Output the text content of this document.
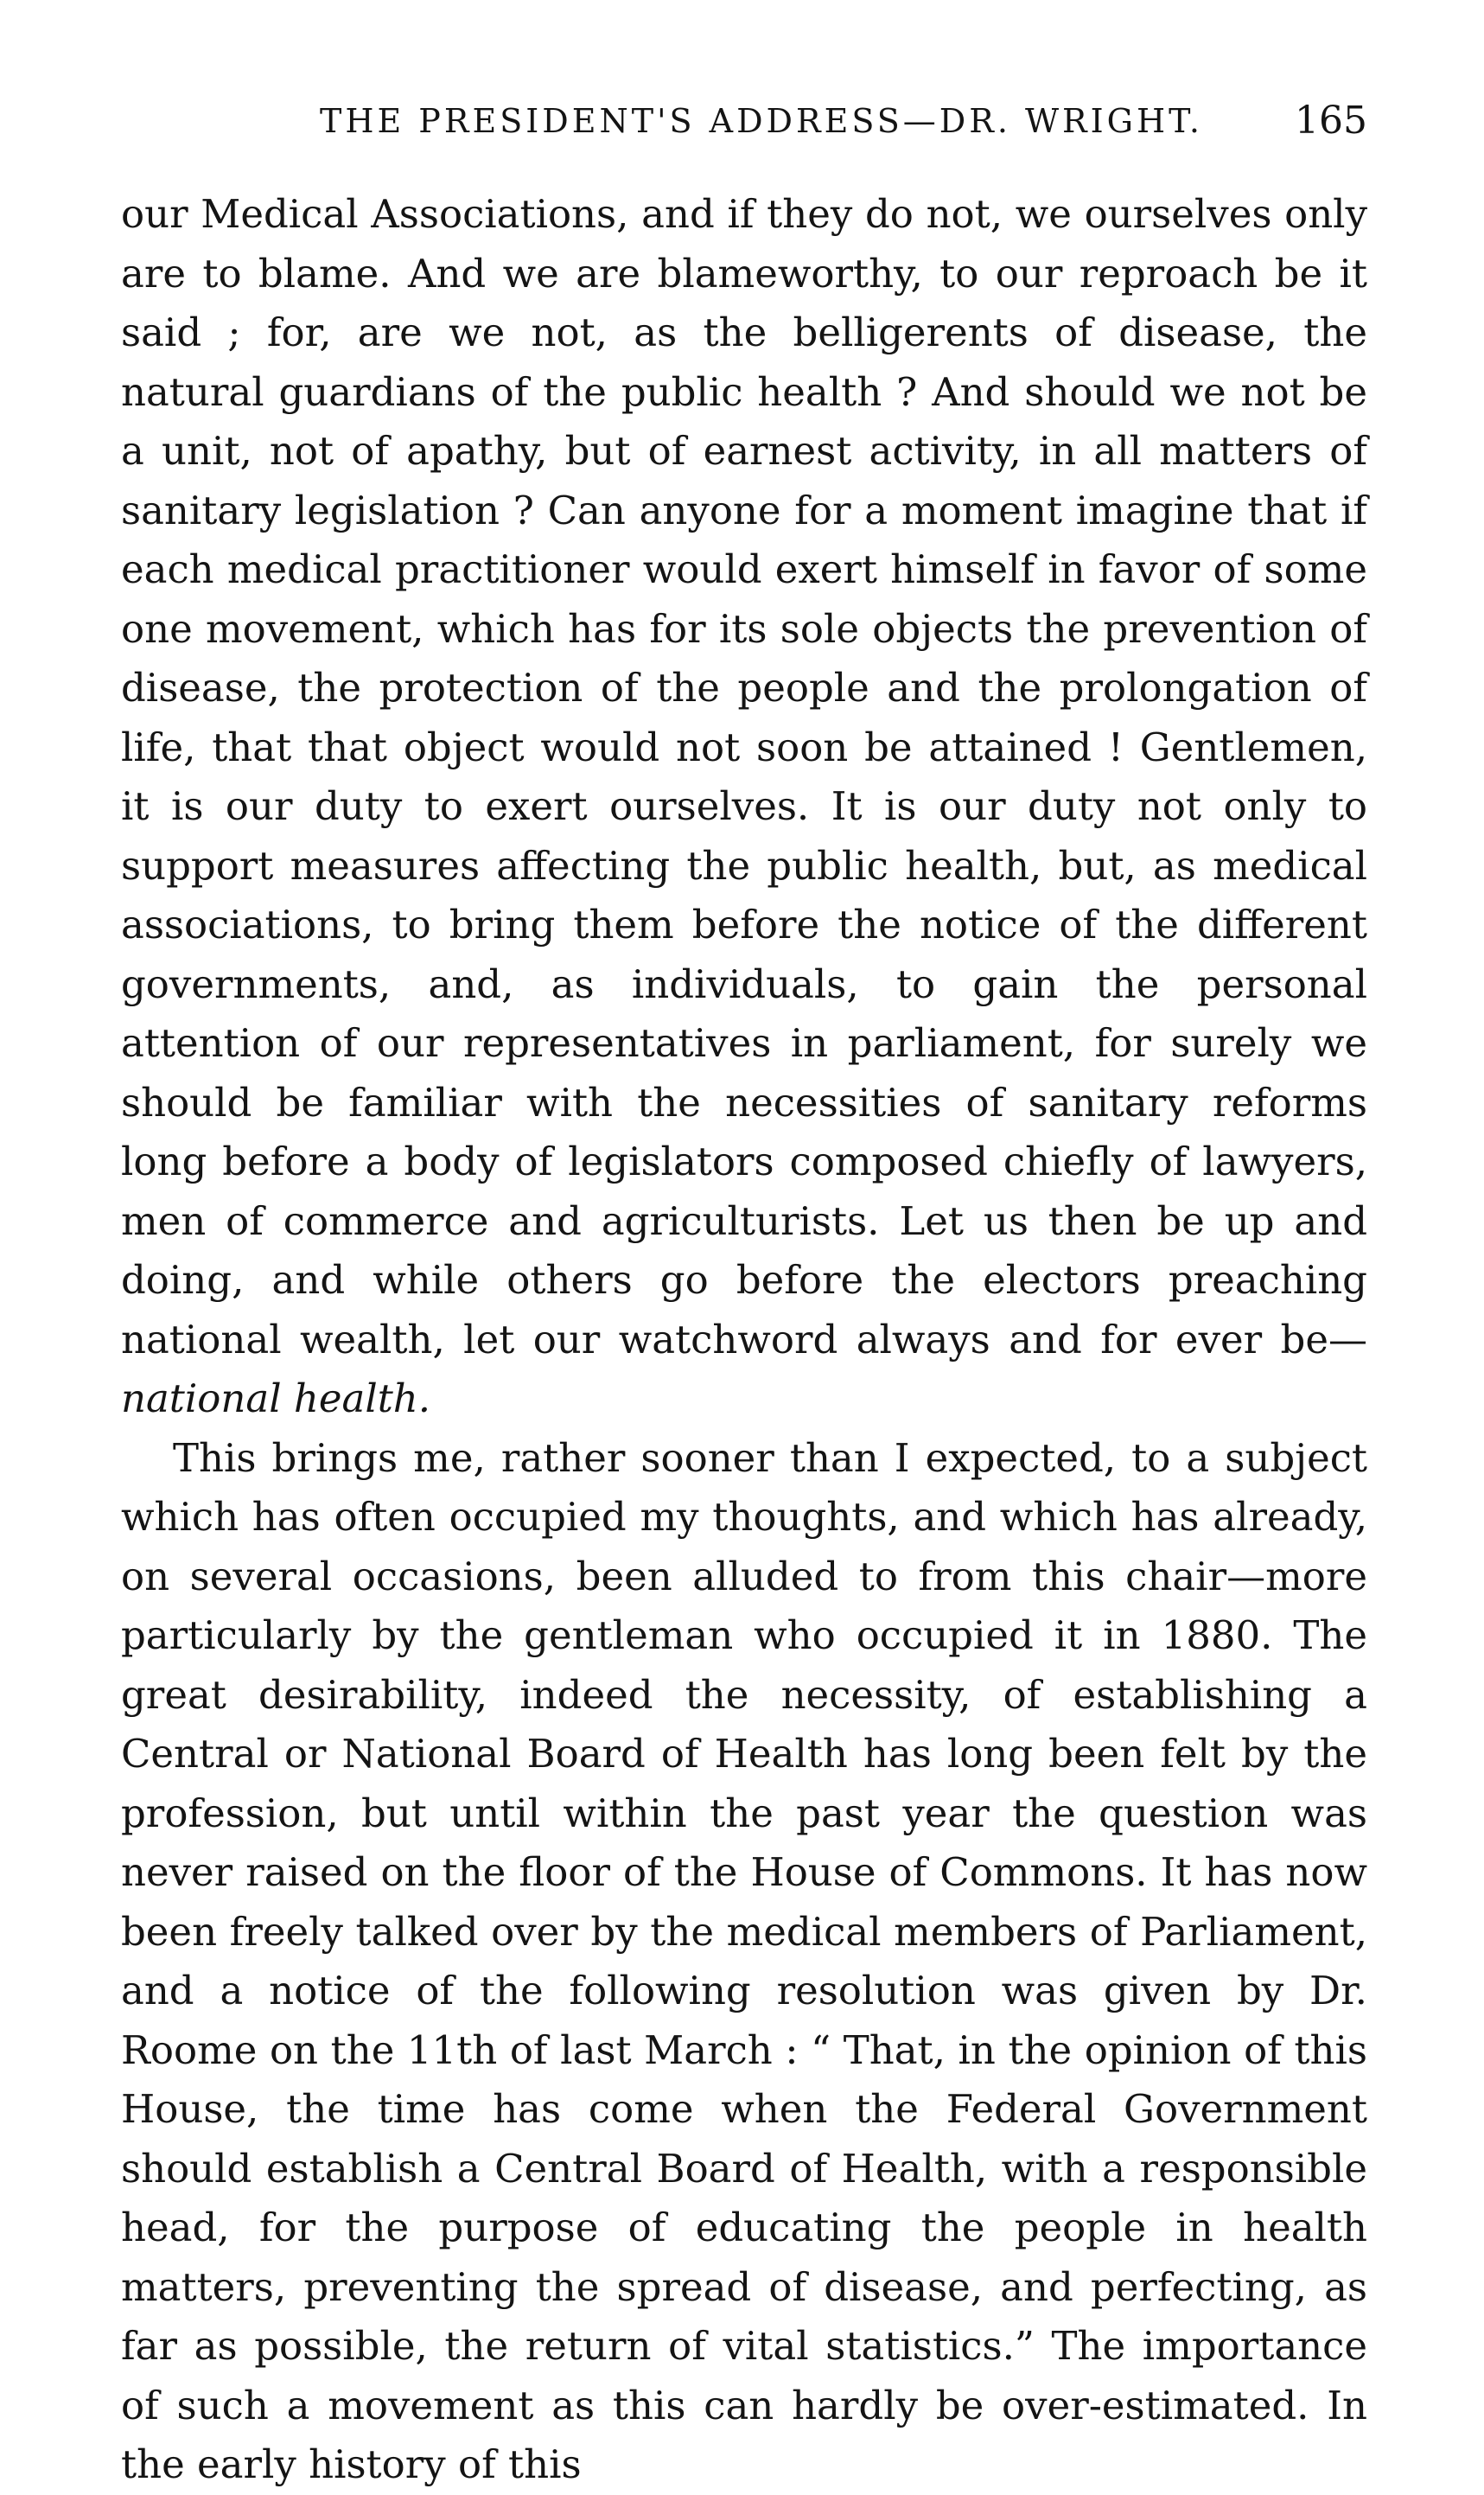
THE PRESIDENT'S ADDRESS—DR. WRIGHT.	165

our Medical Associations, and if they do not, we ourselves only are to blame. And we are blameworthy, to our reproach be it said ; for, are we not, as the belligerents of disease, the natural guardians of the public health ? And should we not be a unit, not of apathy, but of earnest activity, in all matters of sanitary legislation ? Can anyone for a moment imagine that if each medical practitioner would exert himself in favor of some one movement, which has for its sole objects the prevention of disease, the protection of the people and the prolongation of life, that that object would not soon be attained ! Gentlemen, it is our duty to exert ourselves. It is our duty not only to support measures affecting the public health, but, as medical associations, to bring them before the notice of the different governments, and, as individuals, to gain the personal attention of our representatives in parliament, for surely we should be familiar with the necessities of sanitary reforms long before a body of legislators composed chiefly of lawyers, men of commerce and agriculturists. Let us then be up and doing, and while others go before the electors preaching national wealth, let our watchword always and for ever be—national health.

This brings me, rather sooner than I expected, to a subject which has often occupied my thoughts, and which has already, on several occasions, been alluded to from this chair—more particularly by the gentleman who occupied it in 1880. The great desirability, indeed the necessity, of establishing a Central or National Board of Health has long been felt by the profession, but until within the past year the question was never raised on the floor of the House of Commons. It has now been freely talked over by the medical members of Parliament, and a notice of the following resolution was given by Dr. Roome on the 11th of last March : “ That, in the opinion of this House, the time has come when the Federal Government should establish a Central Board of Health, with a responsible head, for the purpose of educating the people in health matters, preventing the spread of disease, and perfecting, as far as possible, the return of vital statistics.” The importance of such a movement as this can hardly be over-estimated. In the early history of this
